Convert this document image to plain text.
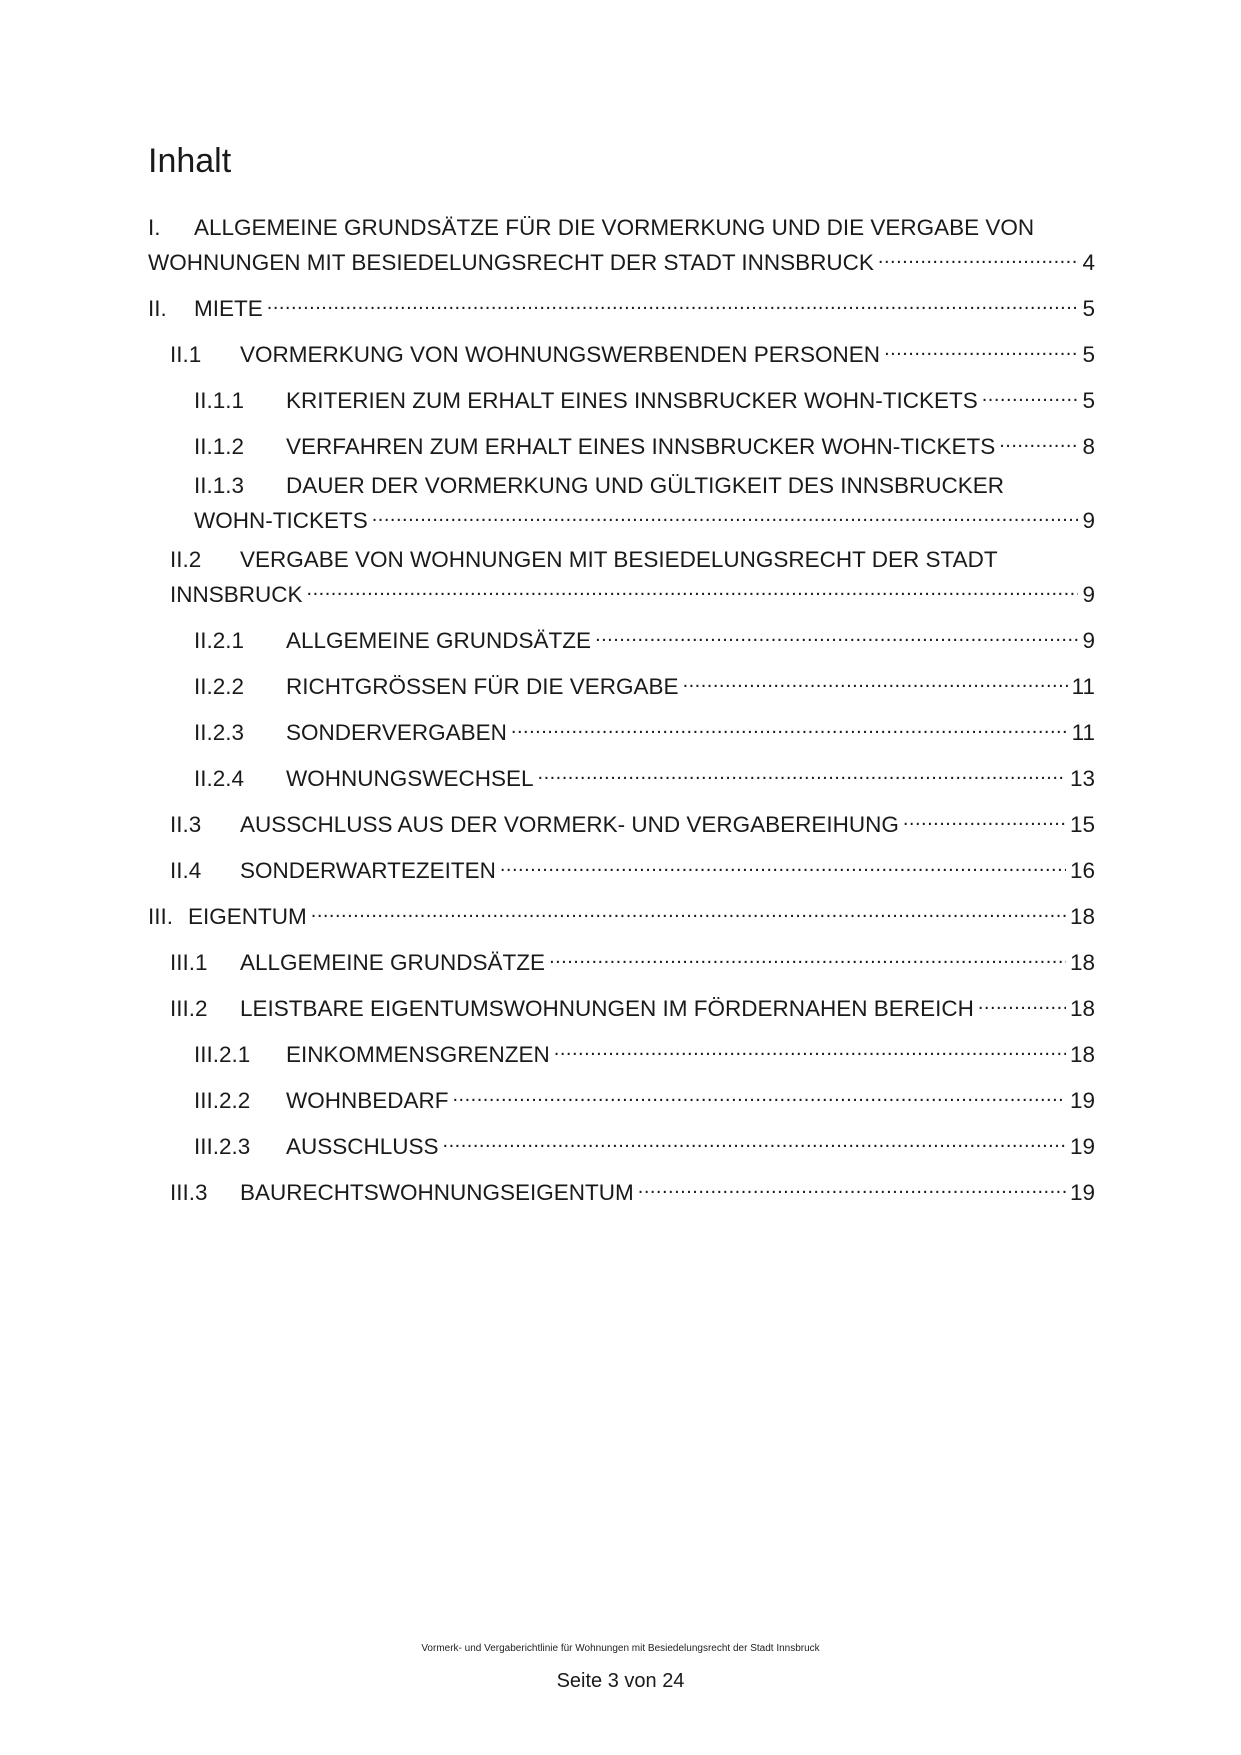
Inhalt
I.	ALLGEMEINE GRUNDSÄTZE FÜR DIE VORMERKUNG UND DIE VERGABE VON
WOHNUNGEN MIT BESIEDELUNGSRECHT DER STADT INNSBRUCK .....	4
II.	MIETE .....	5
II.1	VORMERKUNG VON WOHNUNGSWERBENDEN PERSONEN .....	5
II.1.1	KRITERIEN ZUM ERHALT EINES INNSBRUCKER WOHN-TICKETS .....	5
II.1.2	VERFAHREN ZUM ERHALT EINES INNSBRUCKER WOHN-TICKETS .....	8
II.1.3	DAUER DER VORMERKUNG UND GÜLTIGKEIT DES INNSBRUCKER
WOHN-TICKETS .....	9
II.2	VERGABE VON WOHNUNGEN MIT BESIEDELUNGSRECHT DER STADT
INNSBRUCK .....	9
II.2.1	ALLGEMEINE GRUNDSÄTZE .....	9
II.2.2	RICHTGRÖSSEN FÜR DIE VERGABE .....	11
II.2.3	SONDERVERGABEN .....	11
II.2.4	WOHNUNGSWECHSEL .....	13
II.3	AUSSCHLUSS AUS DER VORMERK- UND VERGABEREIHUNG .....	15
II.4	SONDERWARTEZEITEN .....	16
III. EIGENTUM .....	18
III.1	ALLGEMEINE GRUNDSÄTZE .....	18
III.2	LEISTBARE EIGENTUMSWOHNUNGEN IM FÖRDERNAHEN BEREICH .....	18
III.2.1	EINKOMMENSGRENZEN .....	18
III.2.2	WOHNBEDARF .....	19
III.2.3	AUSSCHLUSS .....	19
III.3	BAURECHTSWOHNUNGSEIGENTUM .....	19
Vormerk- und Vergaberichtlinie für Wohnungen mit Besiedelungsrecht der Stadt Innsbruck
Seite 3 von 24
